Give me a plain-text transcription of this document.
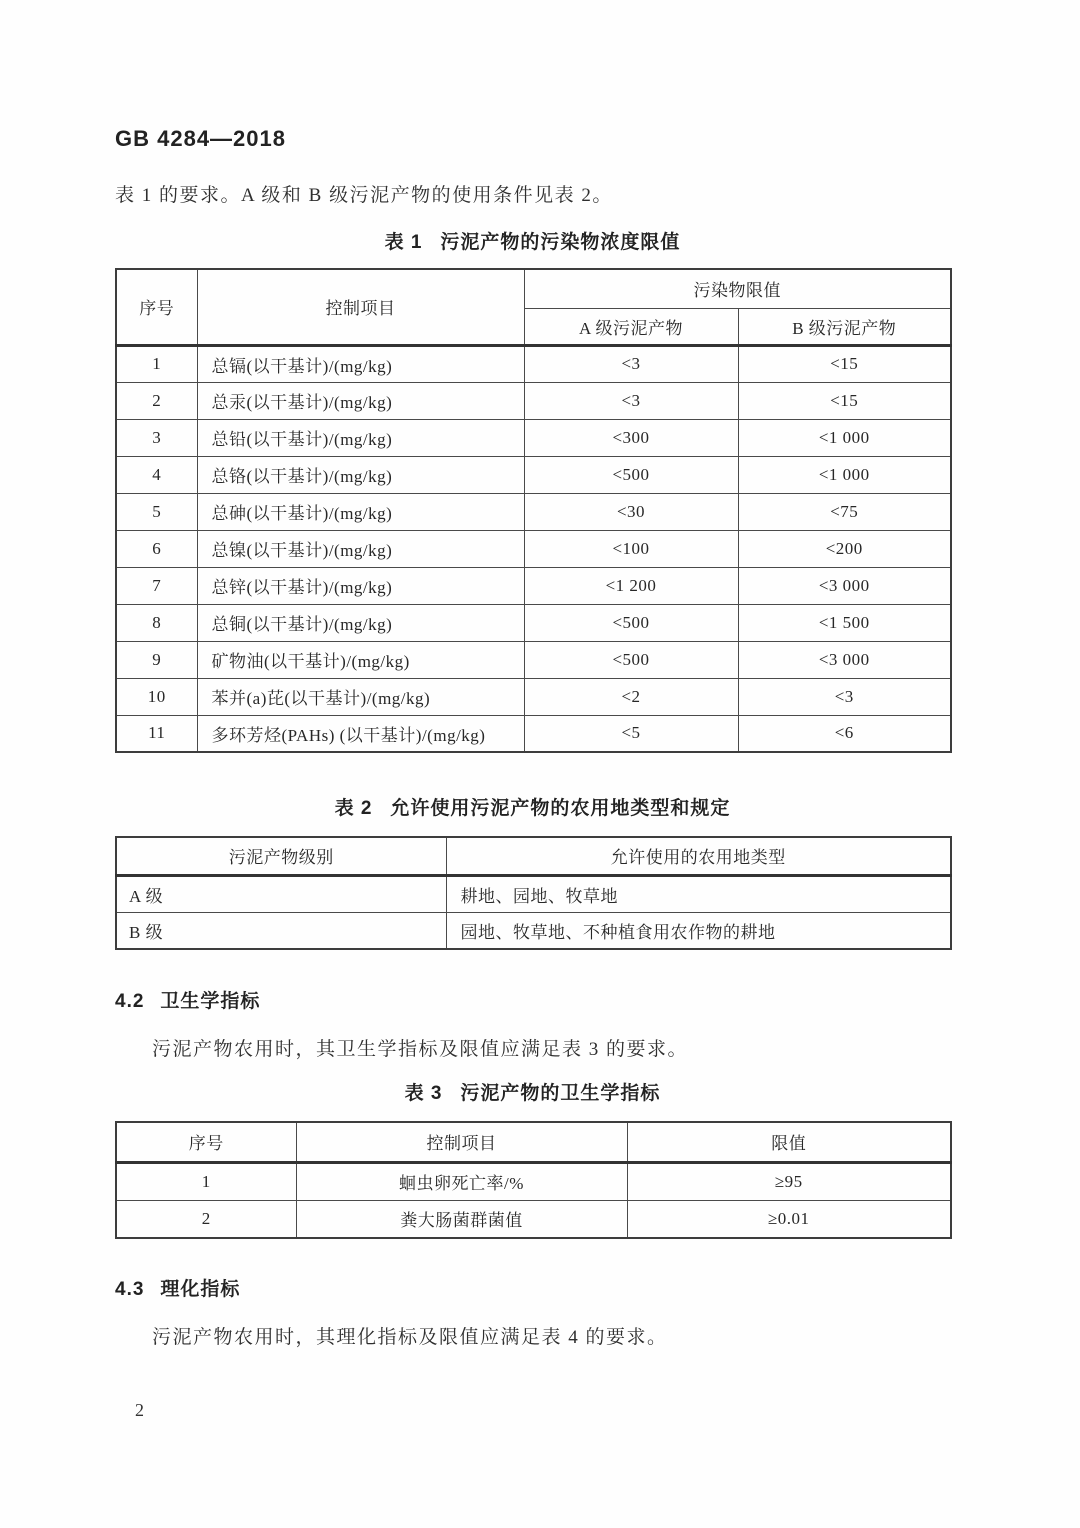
GB 4284—2018
表 1 的要求。A 级和 B 级污泥产物的使用条件见表 2。
表 1 污泥产物的污染物浓度限值
序号	控制项目	污染物限值	
		A 级污泥产物	B 级污泥产物
1	总镉(以干基计)/(mg/kg)	<3	<15
2	总汞(以干基计)/(mg/kg)	<3	<15
3	总铅(以干基计)/(mg/kg)	<300	<1 000
4	总铬(以干基计)/(mg/kg)	<500	<1 000
5	总砷(以干基计)/(mg/kg)	<30	<75
6	总镍(以干基计)/(mg/kg)	<100	<200
7	总锌(以干基计)/(mg/kg)	<1 200	<3 000
8	总铜(以干基计)/(mg/kg)	<500	<1 500
9	矿物油(以干基计)/(mg/kg)	<500	<3 000
10	苯并(a)芘(以干基计)/(mg/kg)	<2	<3
11	多环芳烃(PAHs) (以干基计)/(mg/kg)	<5	<6
表 2 允许使用污泥产物的农用地类型和规定
污泥产物级别	允许使用的农用地类型
A 级	耕地、园地、牧草地
B 级	园地、牧草地、不种植食用农作物的耕地
4.2 卫生学指标
污泥产物农用时，其卫生学指标及限值应满足表 3 的要求。
表 3 污泥产物的卫生学指标
序号	控制项目	限值
1	蛔虫卵死亡率/%	≥95
2	粪大肠菌群菌值	≥0.01
4.3 理化指标
污泥产物农用时，其理化指标及限值应满足表 4 的要求。
2
